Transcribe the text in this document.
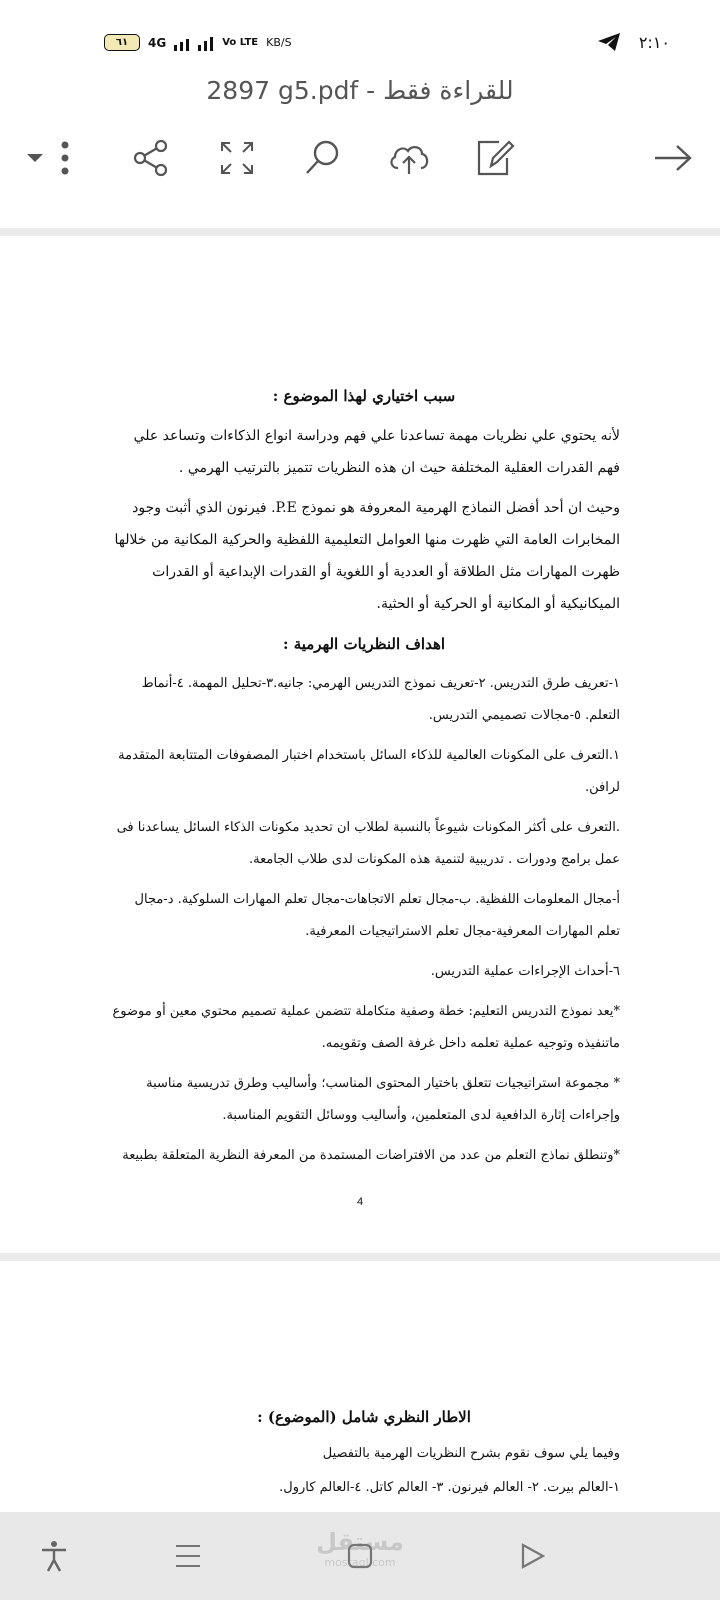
٦١ 4G	Vo LTE KB/S	٢:١٠
2897 g5.pdf - للقراءة فقط
سبب اختياري لهذا الموضوع :

لأنه يحتوي علي نظريات مهمة تساعدنا علي فهم ودراسة انواع الذكاءات وتساعد علي فهم القدرات العقلية المختلفة حيث ان هذه النظريات تتميز بالترتيب الهرمي .

وحيث ان أحد أفضل النماذج الهرمية المعروفة هو نموذج P.E. فيرنون الذي أثبت وجود المخابرات العامة التي ظهرت منها العوامل التعليمية اللفظية والحركية المكانية من خلالها ظهرت المهارات مثل الطلاقة أو العددية أو اللغوية أو القدرات الإبداعية أو القدرات الميكانيكية أو المكانية أو الحركية أو الحثية.

اهداف النظريات الهرمية :

١-تعريف طرق التدريس. ٢-تعريف نموذج التدريس الهرمي: جانيه.٣-تحليل المهمة. ٤-أنماط التعلم. ٥-مجالات تصميمي التدريس.

١.التعرف على المكونات العالمية للذكاء السائل باستخدام اختبار المصفوفات المتتابعة المتقدمة لرافن.

.التعرف على أكثر المكونات شيوعاً بالنسبة لطلاب ان تحديد مكونات الذكاء السائل يساعدنا فى عمل برامج ودورات . تدريبية لتنمية هذه المكونات لدى طلاب الجامعة.

أ-مجال المعلومات اللفظية. ب-مجال تعلم الاتجاهات-مجال تعلم المهارات السلوكية. د-مجال تعلم المهارات المعرفية-مجال تعلم الاستراتيجيات المعرفية.

٦-أحداث الإجراءات عملية التدريس.

*يعد نموذج التدريس التعليم: خطة وصفية متكاملة تتضمن عملية تصميم محتوي معين أو موضوع ماتنفيذه وتوجيه عملية تعلمه داخل غرفة الصف وتقويمه.

* مجموعة استراتيجيات تتعلق باختيار المحتوى المناسب؛ وأساليب وطرق تدريسية مناسبة وإجراءات إثارة الدافعية لدى المتعلمين، وأساليب ووسائل التقويم المناسبة.

*وتنطلق نماذج التعلم من عدد من الافتراضات المستمدة من المعرفة النظرية المتعلقة بطبيعة

4
الاطار النظري شامل (الموضوع) :

وفيما يلي سوف نقوم بشرح النظريات الهرمية بالتفصيل

١-العالم بيرت. ٢- العالم فيرنون. ٣- العالم كاتل. ٤-العالم كارول.

مستقل
mostaql.com
